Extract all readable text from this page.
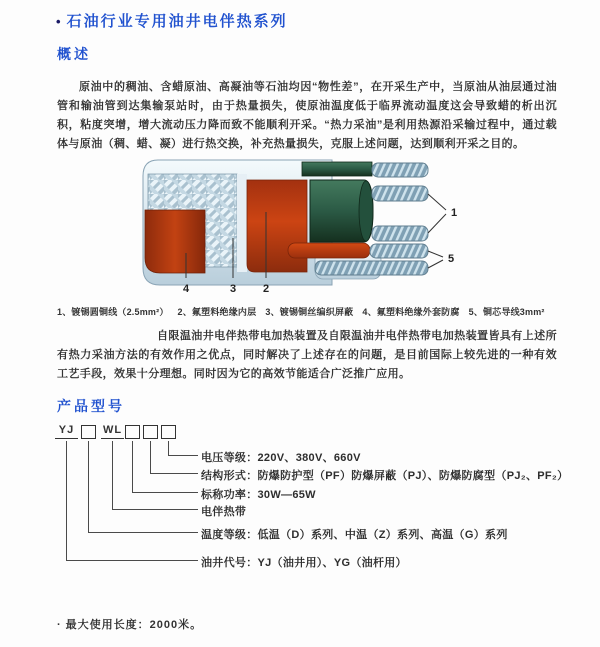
• 石油行业专用油井电伴热系列
概述
原油中的稠油、含蜡原油、高凝油等石油均因“物性差”，在开采生产中，当原油从油层通过油管和输油管到达集输泵站时，由于热量损失，使原油温度低于临界流动温度这会导致蜡的析出沉积，粘度突增，增大流动压力降而致不能顺利开采。“热力采油”是利用热源沿采输过程中，通过载体与原油（稠、蜡、凝）进行热交换，补充热量损失，克服上述问题，达到顺利开采之目的。
1
5
2
3
4
1、镀锡圆铜线（2.5mm²） 2、氟塑料绝缘内层 3、镀锡铜丝编织屏蔽 4、氟塑料绝缘外套防腐 5、铜芯导线3mm²
自限温油井电伴热带电加热装置及自限温油井电伴热带电加热装置皆具有上述所有热力采油方法的有效作用之优点，同时解决了上述存在的问题，是目前国际上较先进的一种有效工艺手段，效果十分理想。同时因为它的高效节能适合广泛推广应用。
产品型号
YJ	WL
电压等级：220V、380V、660V
结构形式：防爆防护型（PF）防爆屏蔽（PJ）、防爆防腐型（PJ₂、PF₂）
标称功率：30W—65W
电伴热带
温度等级：低温（D）系列、中温（Z）系列、高温（G）系列
油井代号：YJ（油井用）、YG（油杆用）
· 最大使用长度：2000米。
